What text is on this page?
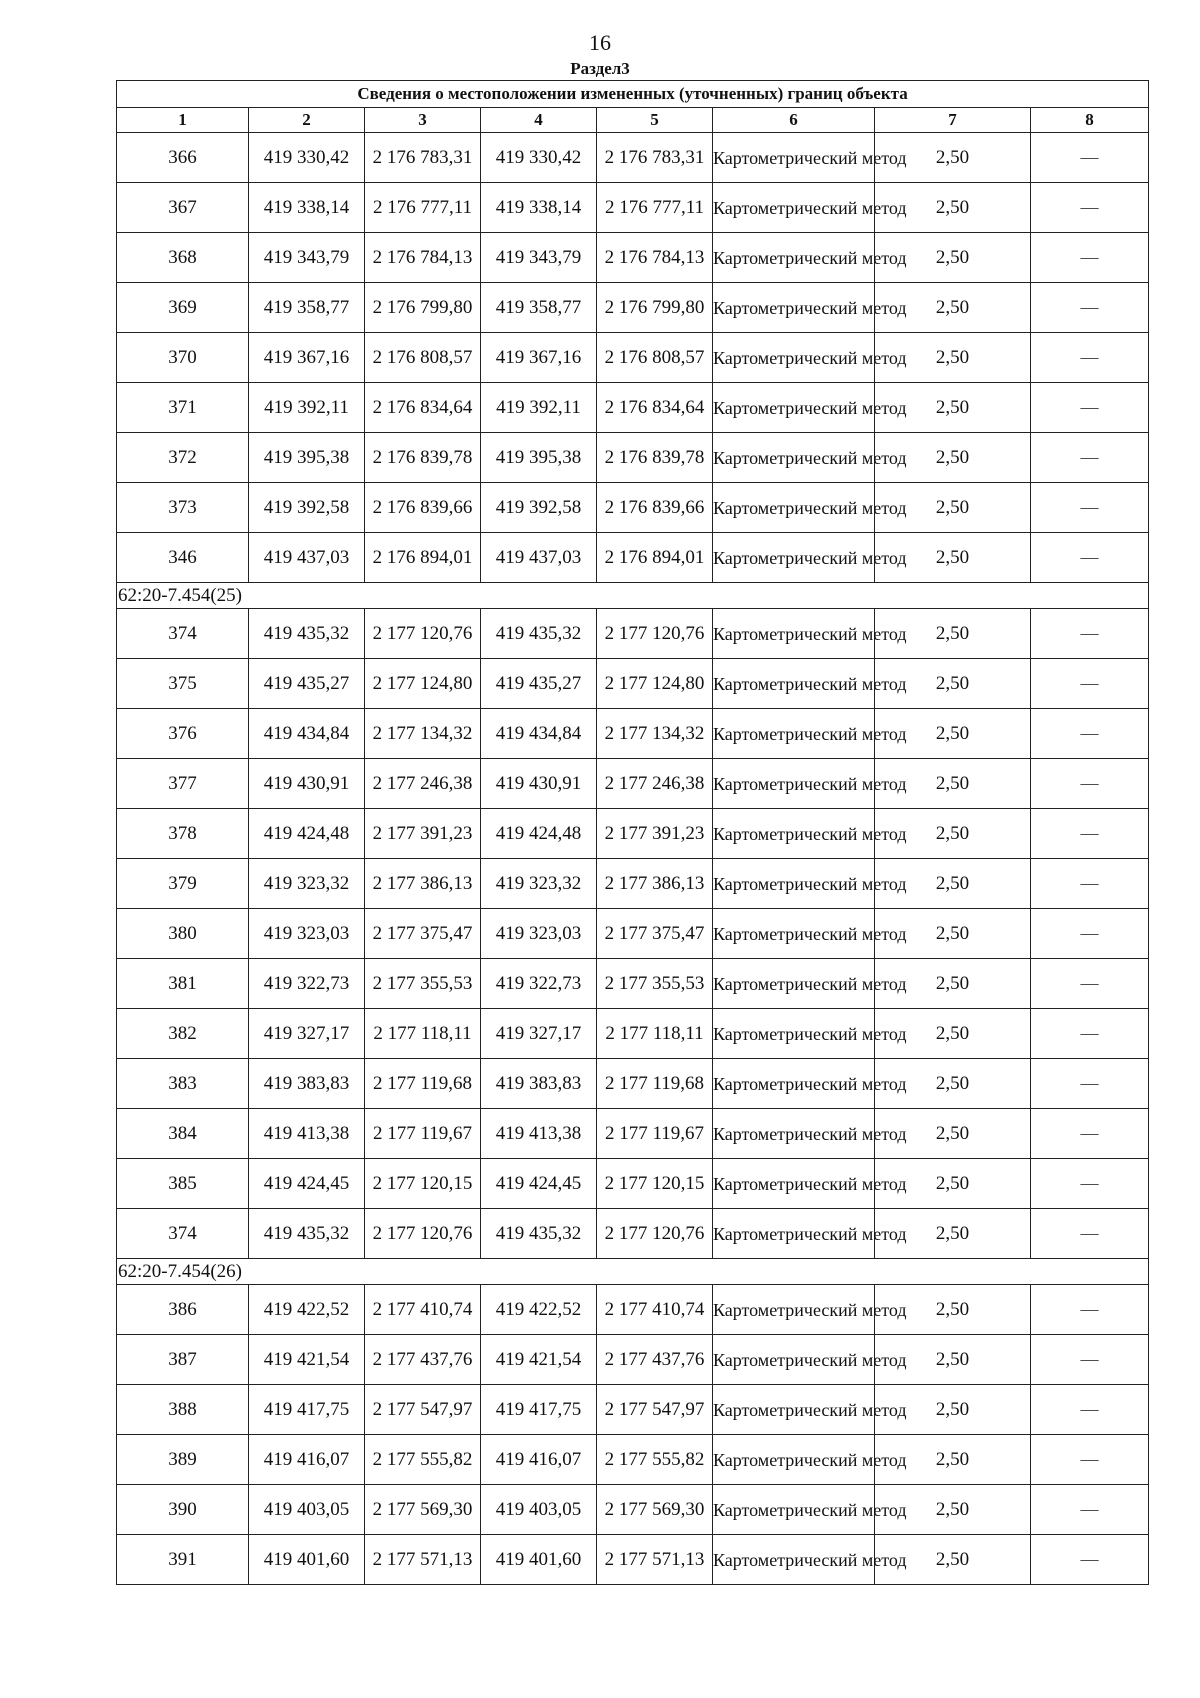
16
Раздел3
Сведения о местоположении измененных (уточненных) границ объекта							
1	2	3	4	5	6	7	8
366	419 330,42	2 176 783,31	419 330,42	2 176 783,31	Картометрический метод	2,50	—
367	419 338,14	2 176 777,11	419 338,14	2 176 777,11	Картометрический метод	2,50	—
368	419 343,79	2 176 784,13	419 343,79	2 176 784,13	Картометрический метод	2,50	—
369	419 358,77	2 176 799,80	419 358,77	2 176 799,80	Картометрический метод	2,50	—
370	419 367,16	2 176 808,57	419 367,16	2 176 808,57	Картометрический метод	2,50	—
371	419 392,11	2 176 834,64	419 392,11	2 176 834,64	Картометрический метод	2,50	—
372	419 395,38	2 176 839,78	419 395,38	2 176 839,78	Картометрический метод	2,50	—
373	419 392,58	2 176 839,66	419 392,58	2 176 839,66	Картометрический метод	2,50	—
346	419 437,03	2 176 894,01	419 437,03	2 176 894,01	Картометрический метод	2,50	—
62:20-7.454(25)							
374	419 435,32	2 177 120,76	419 435,32	2 177 120,76	Картометрический метод	2,50	—
375	419 435,27	2 177 124,80	419 435,27	2 177 124,80	Картометрический метод	2,50	—
376	419 434,84	2 177 134,32	419 434,84	2 177 134,32	Картометрический метод	2,50	—
377	419 430,91	2 177 246,38	419 430,91	2 177 246,38	Картометрический метод	2,50	—
378	419 424,48	2 177 391,23	419 424,48	2 177 391,23	Картометрический метод	2,50	—
379	419 323,32	2 177 386,13	419 323,32	2 177 386,13	Картометрический метод	2,50	—
380	419 323,03	2 177 375,47	419 323,03	2 177 375,47	Картометрический метод	2,50	—
381	419 322,73	2 177 355,53	419 322,73	2 177 355,53	Картометрический метод	2,50	—
382	419 327,17	2 177 118,11	419 327,17	2 177 118,11	Картометрический метод	2,50	—
383	419 383,83	2 177 119,68	419 383,83	2 177 119,68	Картометрический метод	2,50	—
384	419 413,38	2 177 119,67	419 413,38	2 177 119,67	Картометрический метод	2,50	—
385	419 424,45	2 177 120,15	419 424,45	2 177 120,15	Картометрический метод	2,50	—
374	419 435,32	2 177 120,76	419 435,32	2 177 120,76	Картометрический метод	2,50	—
62:20-7.454(26)							
386	419 422,52	2 177 410,74	419 422,52	2 177 410,74	Картометрический метод	2,50	—
387	419 421,54	2 177 437,76	419 421,54	2 177 437,76	Картометрический метод	2,50	—
388	419 417,75	2 177 547,97	419 417,75	2 177 547,97	Картометрический метод	2,50	—
389	419 416,07	2 177 555,82	419 416,07	2 177 555,82	Картометрический метод	2,50	—
390	419 403,05	2 177 569,30	419 403,05	2 177 569,30	Картометрический метод	2,50	—
391	419 401,60	2 177 571,13	419 401,60	2 177 571,13	Картометрический метод	2,50	—
